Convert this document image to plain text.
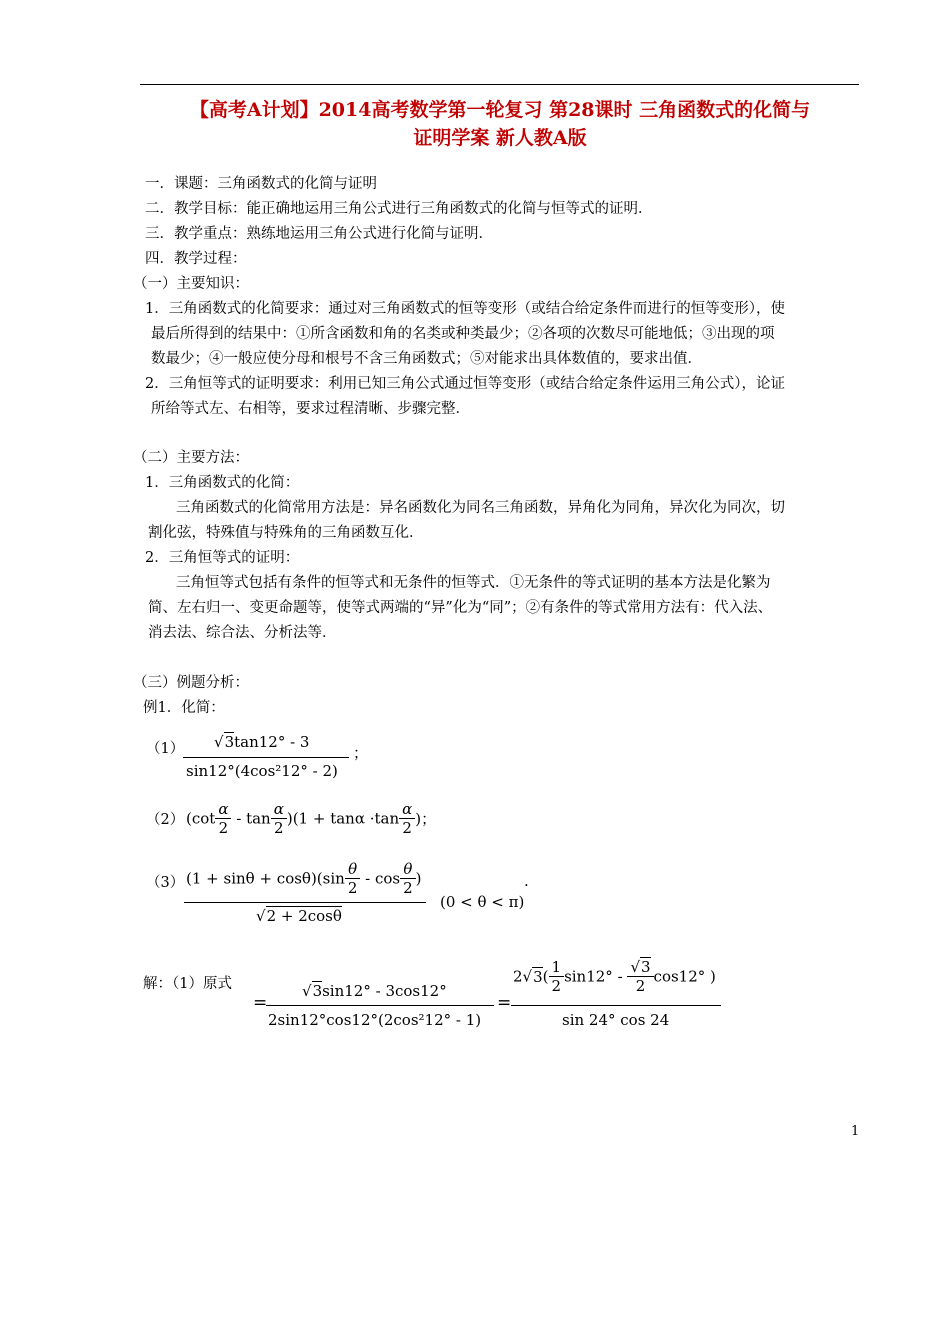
【高考A计划】2014高考数学第一轮复习 第28课时 三角函数式的化简与
证明学案 新人教A版
一．课题：三角函数式的化简与证明
二．教学目标：能正确地运用三角公式进行三角函数式的化简与恒等式的证明．
三．教学重点：熟练地运用三角公式进行化简与证明．
四．教学过程：
（一）主要知识：
1．三角函数式的化简要求：通过对三角函数式的恒等变形（或结合给定条件而进行的恒等变形），使
最后所得到的结果中：①所含函数和角的名类或种类最少；②各项的次数尽可能地低；③出现的项
数最少；④一般应使分母和根号不含三角函数式；⑤对能求出具体数值的，要求出值．
2．三角恒等式的证明要求：利用已知三角公式通过恒等变形（或结合给定条件运用三角公式），论证
所给等式左、右相等，要求过程清晰、步骤完整．
（二）主要方法：
1．三角函数式的化简：
三角函数式的化简常用方法是：异名函数化为同名三角函数，异角化为同角，异次化为同次，切
割化弦，特殊值与特殊角的三角函数互化．
2．三角恒等式的证明：
三角恒等式包括有条件的恒等式和无条件的恒等式．①无条件的等式证明的基本方法是化繁为
简、左右归一、变更命题等，使等式两端的“异”化为“同”；②有条件的等式常用方法有：代入法、
消去法、综合法、分析法等．
（三）例题分析：
例1．化简：
（1） √3tan12° - 3
sin12°(4cos²12° - 2)
；
（2） $(\cot \frac{\alpha}{2} - \tan \frac{\alpha}{2} )(1 + \tan\alpha \cdot\tan \frac{\alpha}{2}$ )；
（3） $(1 + \sin\theta + \cos\theta)(\sin \frac{\theta}{2} - \cos \frac{\theta}{2}$ )
√2 + 2cosθ
(0 < θ < π)
.
解：（1）原式
=
√3sin12° - 3cos12°
2sin12°cos12°(2cos²12° - 1)
=
$2√3( \frac{1}{2} \sin 12^\circ - \frac{√3}{2} \cos 12^\circ$ )
sin 24° cos 24
1
